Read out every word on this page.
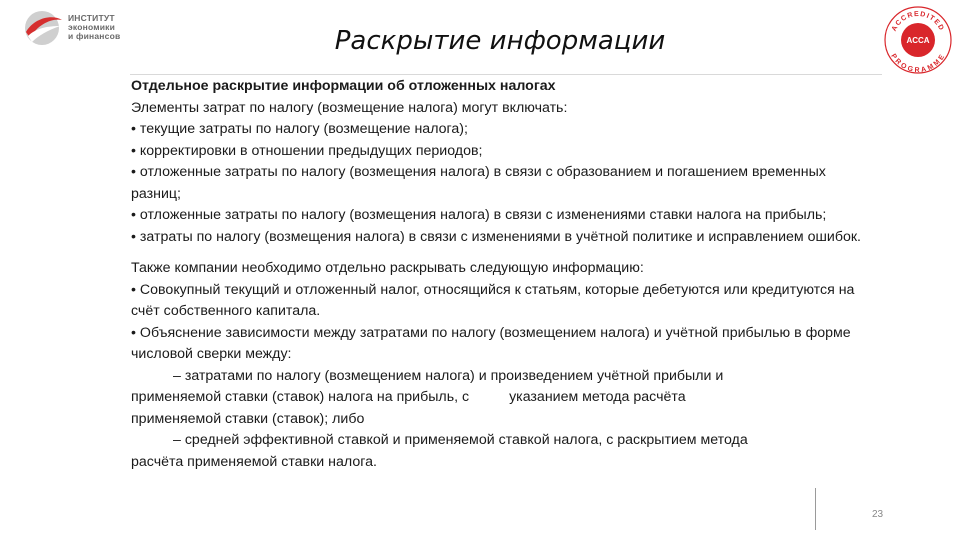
ИНСТИТУТ
экономики
и финансов	Раскрытие информации	ACCREDITED
PROGRAMME
ACCA

Отдельное раскрытие информации об отложенных налогах

Элементы затрат по налогу (возмещение налога) могут включать:

• текущие затраты по налогу (возмещение налога);

• корректировки в отношении предыдущих периодов;

• отложенные затраты по налогу (возмещения налога) в связи с образованием и погашением временных разниц;

• отложенные затраты по налогу (возмещения налога) в связи с изменениями ставки налога на прибыль;

• затраты по налогу (возмещения налога) в связи с изменениями в учётной политике и исправлением ошибок.

Также компании необходимо отдельно раскрывать следующую информацию:

• Совокупный текущий и отложенный налог, относящийся к статьям, которые дебетуются или кредитуются на счёт собственного капитала.

• Объяснение зависимости между затратами по налогу (возмещением налога) и учётной прибылью в форме числовой сверки между:

– затратами по налогу (возмещением налога) и произведением учётной прибыли и

применяемой ставки (ставок) налога на прибыль, с	указанием метода расчёта

применяемой ставки (ставок); либо

– средней эффективной ставкой и применяемой ставкой налога, с раскрытием метода

расчёта применяемой ставки налога.

23
